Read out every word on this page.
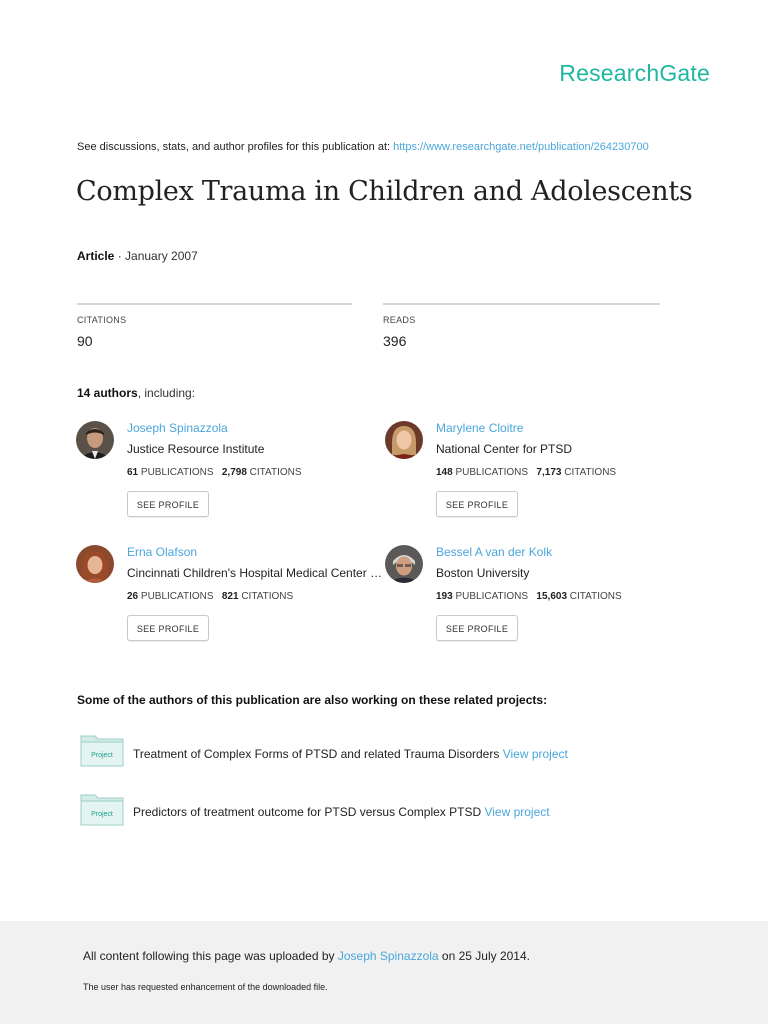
ResearchGate
See discussions, stats, and author profiles for this publication at: https://www.researchgate.net/publication/264230700
Complex Trauma in Children and Adolescents
Article · January 2007
CITATIONS
90
READS
396
14 authors, including:
Joseph Spinazzola
Justice Resource Institute
61 PUBLICATIONS 2,798 CITATIONS
SEE PROFILE
Marylene Cloitre
National Center for PTSD
148 PUBLICATIONS 7,173 CITATIONS
SEE PROFILE
Erna Olafson
Cincinnati Children's Hospital Medical Center …
26 PUBLICATIONS 821 CITATIONS
SEE PROFILE
Bessel A van der Kolk
Boston University
193 PUBLICATIONS 15,603 CITATIONS
SEE PROFILE
Some of the authors of this publication are also working on these related projects:
Project Treatment of Complex Forms of PTSD and related Trauma Disorders View project
Project Predictors of treatment outcome for PTSD versus Complex PTSD View project
All content following this page was uploaded by Joseph Spinazzola on 25 July 2014.
The user has requested enhancement of the downloaded file.
